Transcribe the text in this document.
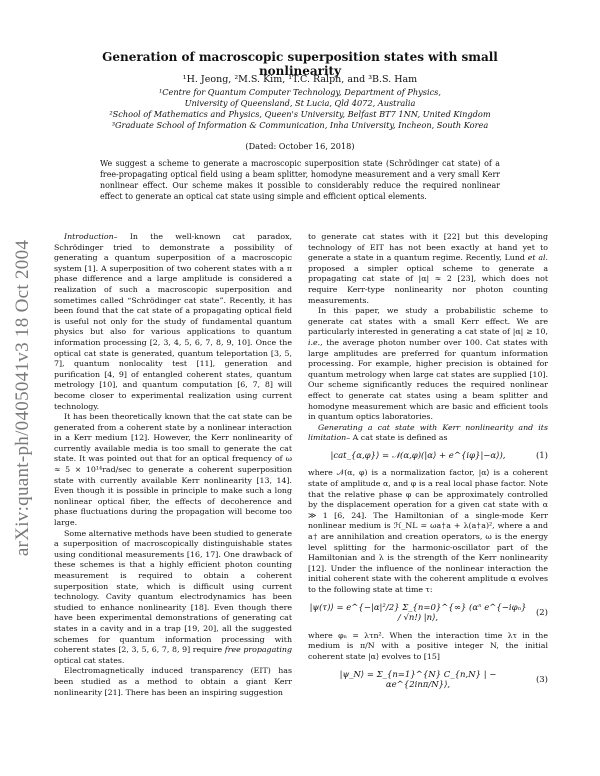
arXiv:quant-ph/0405041v3 18 Oct 2004
Generation of macroscopic superposition states with small nonlinearity
¹H. Jeong, ²M.S. Kim, ¹T.C. Ralph, and ³B.S. Ham
¹Centre for Quantum Computer Technology, Department of Physics,
University of Queensland, St Lucia, Qld 4072, Australia
²School of Mathematics and Physics, Queen's University, Belfast BT7 1NN, United Kingdom
³Graduate School of Information & Communication, Inha University, Incheon, South Korea
(Dated: October 16, 2018)
We suggest a scheme to generate a macroscopic superposition state (Schrödinger cat state) of a free-propagating optical field using a beam splitter, homodyne measurement and a very small Kerr nonlinear effect. Our scheme makes it possible to considerably reduce the required nonlinear effect to generate an optical cat state using simple and efficient optical elements.

Introduction– In the well-known cat paradox, Schrödinger tried to demonstrate a possibility of generating a quantum superposition of a macroscopic system [1]. A superposition of two coherent states with a π phase difference and a large amplitude is considered a realization of such a macroscopic superposition and sometimes called “Schrödinger cat state”. Recently, it has been found that the cat state of a propagating optical field is useful not only for the study of fundamental quantum physics but also for various applications to quantum information processing [2, 3, 4, 5, 6, 7, 8, 9, 10]. Once the optical cat state is generated, quantum teleportation [3, 5, 7], quantum nonlocality test [11], generation and purification [4, 9] of entangled coherent states, quantum metrology [10], and quantum computation [6, 7, 8] will become closer to experimental realization using current technology.

It has been theoretically known that the cat state can be generated from a coherent state by a nonlinear interaction in a Kerr medium [12]. However, the Kerr nonlinearity of currently available media is too small to generate the cat state. It was pointed out that for an optical frequency of ω ≈ 5 × 10¹⁴rad/sec to generate a coherent superposition state with currently available Kerr nonlinearity [13, 14]. Even though it is possible in principle to make such a long nonlinear optical fiber, the effects of decoherence and phase fluctuations during the propagation will become too large.

Some alternative methods have been studied to generate a superposition of macroscopically distinguishable states using conditional measurements [16, 17]. One drawback of these schemes is that a highly efficient photon counting measurement is required to obtain a coherent superposition state, which is difficult using current technology. Cavity quantum electrodynamics has been studied to enhance nonlinearity [18]. Even though there have been experimental demonstrations of generating cat states in a cavity and in a trap [19, 20], all the suggested schemes for quantum information processing with coherent states [2, 3, 5, 6, 7, 8, 9] require free propagating optical cat states.

Electromagnetically induced transparency (EIT) has been studied as a method to obtain a giant Kerr nonlinearity [21]. There has been an inspiring suggestion

to generate cat states with it [22] but this developing technology of EIT has not been exactly at hand yet to generate a state in a quantum regime. Recently, Lund et al. proposed a simpler optical scheme to generate a propagating cat state of |α| ≈ 2 [23], which does not require Kerr-type nonlinearity nor photon counting measurements.

In this paper, we study a probabilistic scheme to generate cat states with a small Kerr effect. We are particularly interested in generating a cat state of |α| ≥ 10, i.e., the average photon number over 100. Cat states with large amplitudes are preferred for quantum information processing. For example, higher precision is obtained for quantum metrology when large cat states are supplied [10]. Our scheme significantly reduces the required nonlinear effect to generate cat states using a beam splitter and homodyne measurement which are basic and efficient tools in quantum optics laboratories.

Generating a cat state with Kerr nonlinearity and its limitation– A cat state is defined as

|cat_{α,φ}⟩ = 𝒩(α,φ)(|α⟩ + e^{iφ}|−α⟩),	(1)

where 𝒩(α, φ) is a normalization factor, |α⟩ is a coherent state of amplitude α, and φ is a real local phase factor. Note that the relative phase φ can be approximately controlled by the displacement operation for a given cat state with α ≫ 1 [6, 24]. The Hamiltonian of a single-mode Kerr nonlinear medium is ℋ_NL = ωa†a + λ(a†a)², where a and a† are annihilation and creation operators, ω is the energy level splitting for the harmonic-oscillator part of the Hamiltonian and λ is the strength of the Kerr nonlinearity [12]. Under the influence of the nonlinear interaction the initial coherent state with the coherent amplitude α evolves to the following state at time τ:

|ψ(τ)⟩ = e^{−|α|²/2} Σ_{n=0}^{∞} (αⁿ e^{−iφₙ} / √n!) |n⟩,
(2)

where φₙ = λτn². When the interaction time λτ in the medium is π/N with a positive integer N, the initial coherent state |α⟩ evolves to [15]

|ψ_N⟩ = Σ_{n=1}^{N} C_{n,N} | − αe^{2inπ/N}⟩,
(3)
